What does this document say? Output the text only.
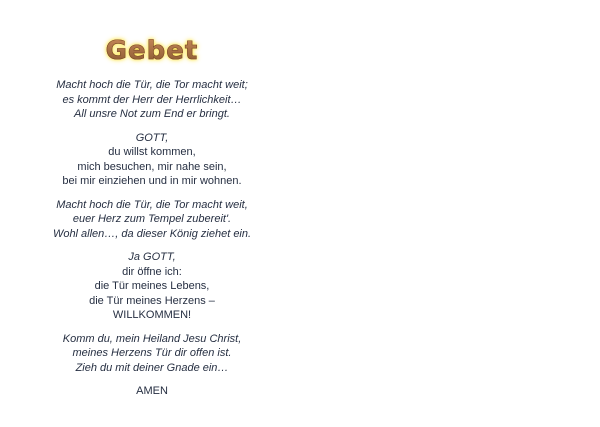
Gebet

Macht hoch die Tür, die Tor macht weit;
es kommt der Herr der Herrlichkeit…
All unsre Not zum End er bringt.

GOTT,
du willst kommen,
mich besuchen, mir nahe sein,
bei mir einziehen und in mir wohnen.

Macht hoch die Tür, die Tor macht weit,
euer Herz zum Tempel zubereit'.
Wohl allen…, da dieser König ziehet ein.

Ja GOTT,
dir öffne ich:
die Tür meines Lebens,
die Tür meines Herzens –
WILLKOMMEN!

Komm du, mein Heiland Jesu Christ,
meines Herzens Tür dir offen ist.
Zieh du mit deiner Gnade ein…

AMEN
